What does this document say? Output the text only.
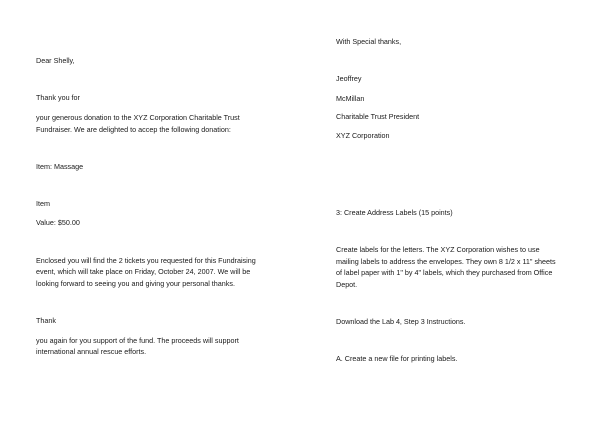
Dear Shelly,

Thank you for

your generous donation to the XYZ Corporation Charitable Trust

Fundraiser. We are delighted to accep the following donation:

Item: Massage

Item

Value: $50.00

Enclosed you will find the 2 tickets you requested for this Fundraising

event, which will take place on Friday, October 24, 2007. We will be

looking forward to seeing you and giving your personal thanks.

Thank

you again for you support of the fund. The proceeds will support

international annual rescue efforts.

With Special thanks,

Jeoffrey

McMillan

Charitable Trust President

XYZ Corporation

3: Create Address Labels (15 points)

Create labels for the letters. The XYZ Corporation wishes to use

mailing labels to address the envelopes. They own 8 1/2 x 11" sheets

of label paper with 1" by 4" labels, which they purchased from Office

Depot.

Download the Lab 4, Step 3 Instructions.

A. Create a new file for printing labels.
